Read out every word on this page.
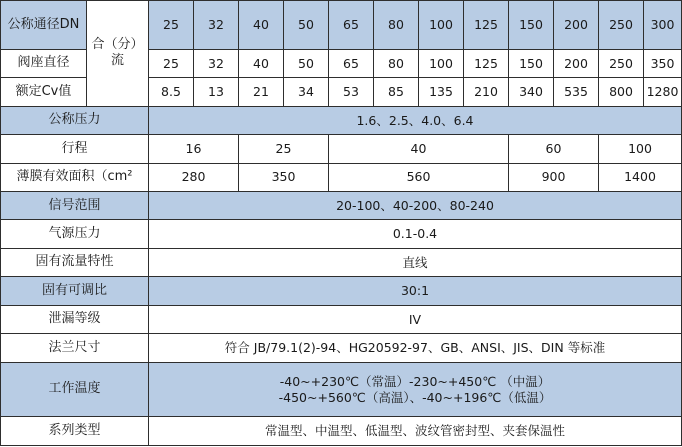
公称通径DN	合（分）流	25	32	40	50	65	80	100	125	150	200	250	300
阀座直径		25	32	40	50	65	80	100	125	150	200	250	350
额定Cv值		8.5	13	21	34	53	85	135	210	340	535	800	1280
公称压力		1.6、2.5、4.0、6.4											
行程		16		25		40				60		100	
薄膜有效面积（cm²		280		350		560				900		1400	
信号范围		20-100、40-200、80-240											
气源压力		0.1-0.4											
固有流量特性		直线											
固有可调比		30:1											
泄漏等级		IV											
法兰尺寸		符合 JB/79.1(2)-94、HG20592-97、GB、ANSI、JIS、DIN 等标准											
工作温度		-40~+230℃（常温）-230~+450℃ （中温）
-450~+560℃（高温）、-40~+196℃（低温）											

系列类型		常温型、中温型、低温型、波纹管密封型、夹套保温性											
